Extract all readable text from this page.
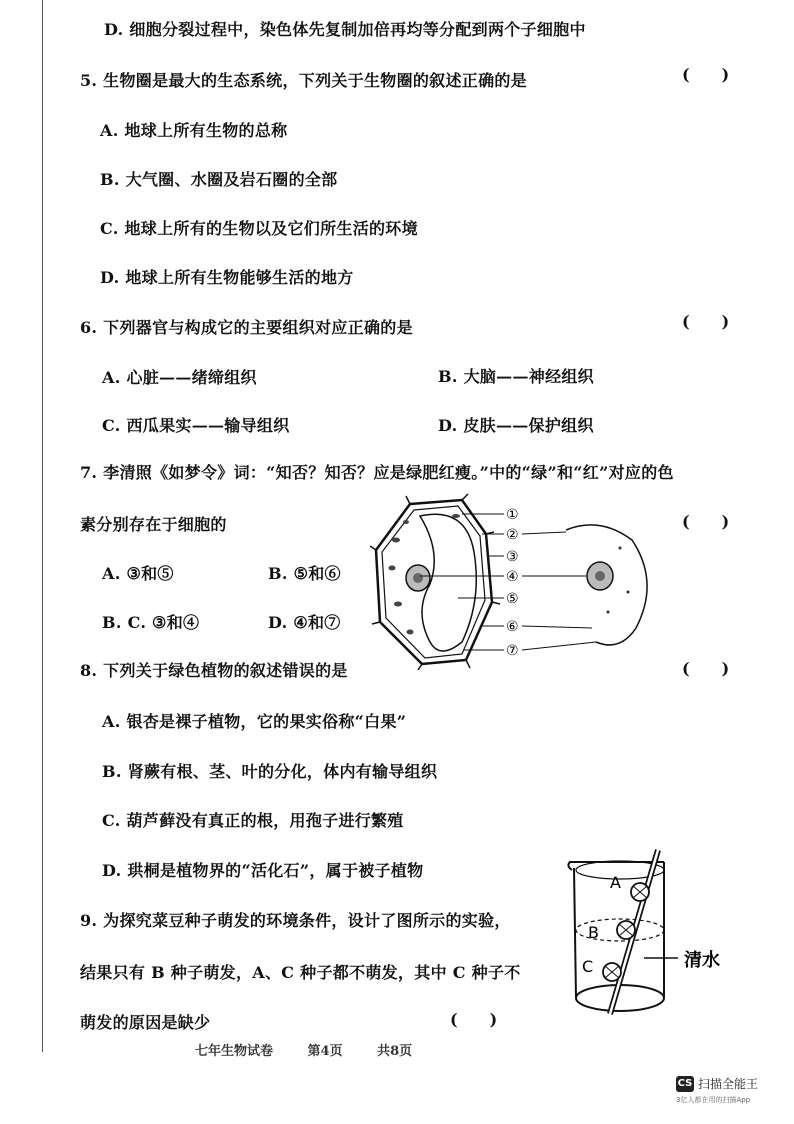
D. 细胞分裂过程中，染色体先复制加倍再均等分配到两个子细胞中
5. 生物圈是最大的生态系统，下列关于生物圈的叙述正确的是	(　　)
A. 地球上所有生物的总称
B. 大气圈、水圈及岩石圈的全部
C. 地球上所有的生物以及它们所生活的环境
D. 地球上所有生物能够生活的地方
6. 下列器官与构成它的主要组织对应正确的是	(　　)
A. 心脏——绪缔组织	B. 大脑——神经组织
C. 西瓜果实——输导组织	D. 皮肤——保护组织
7. 李清照《如梦令》词：“知否？知否？应是绿肥红瘦。”中的“绿”和“红”对应的色
素分别存在于细胞的	(　　)
A. ③和⑤	B. ⑤和⑥
B. C. ③和④	D. ④和⑦
①
②
③
④
⑤
⑥
⑦
8. 下列关于绿色植物的叙述错误的是	(　　)
A. 银杏是裸子植物，它的果实俗称“白果”
B. 肾蕨有根、茎、叶的分化，体内有输导组织
C. 葫芦藓没有真正的根，用孢子进行繁殖
D. 珙桐是植物界的“活化石”，属于被子植物
9. 为探究菜豆种子萌发的环境条件，设计了图所示的实验，
结果只有 B 种子萌发，A、C 种子都不萌发，其中 C 种子不
萌发的原因是缺少	(　　)
A
B
C	清水
七年生物试卷 第4页 共8页
CS 扫描全能王
3亿人都在用的扫描App
